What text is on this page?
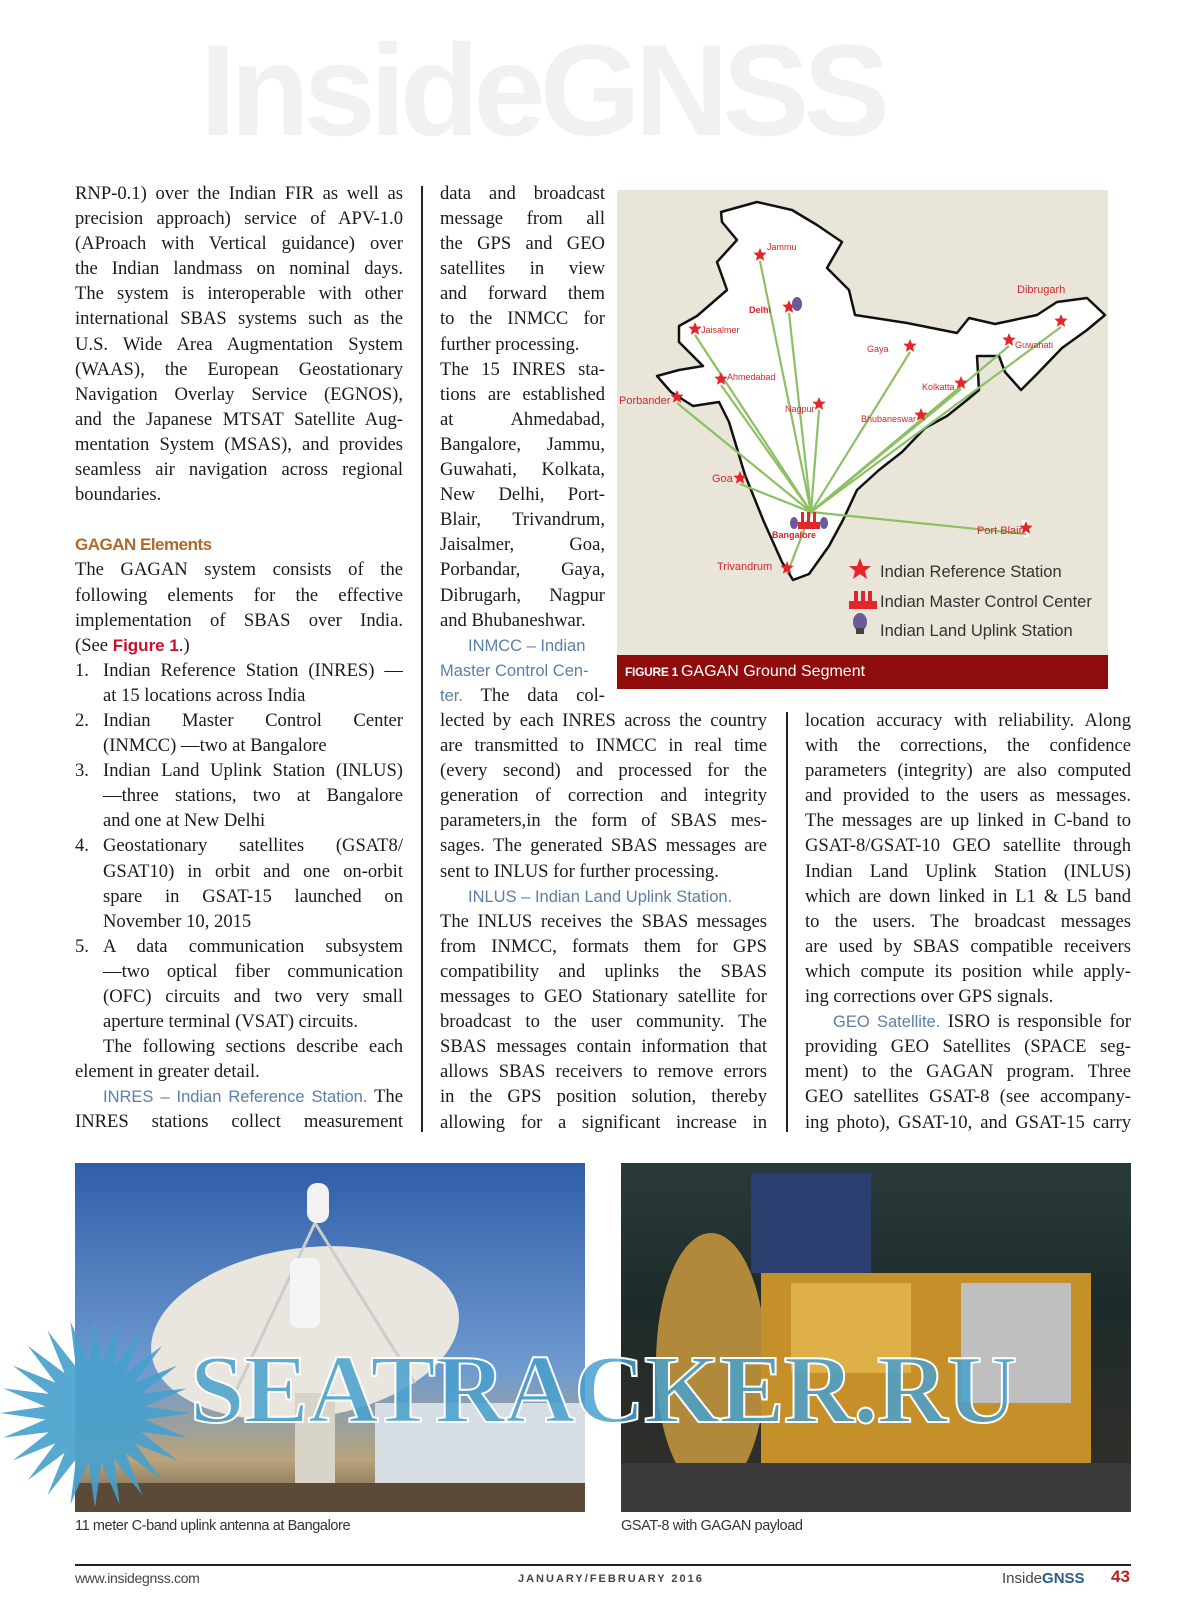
InsideGNSS
RNP-0.1) over the Indian FIR as well as
precision approach) service of APV-1.0
(AProach with Vertical guidance) over
the Indian landmass on nominal days.
The system is interoperable with other
international SBAS systems such as the
U.S. Wide Area Augmentation System
(WAAS), the European Geostationary
Navigation Overlay Service (EGNOS),
and the Japanese MTSAT Satellite Aug-
mentation System (MSAS), and provides
seamless air navigation across regional
boundaries.
GAGAN Elements
The GAGAN system consists of the
following elements for the effective
implementation of SBAS over India.
(See Figure 1.)
1. Indian Reference Station (INRES) —
at 15 locations across India
2. Indian Master Control Center
(INMCC) —two at Bangalore
3. Indian Land Uplink Station (INLUS)
—three stations, two at Bangalore
and one at New Delhi
4. Geostationary satellites (GSAT8/
GSAT10) in orbit and one on-orbit
spare in GSAT-15 launched on
November 10, 2015
5. A data communication subsystem
—two optical fiber communication
(OFC) circuits and two very small
aperture terminal (VSAT) circuits.
The following sections describe each
element in greater detail.
INRES – Indian Reference Station. The
INRES stations collect measurement
data and broadcast
message from all
the GPS and GEO
satellites in view
and forward them
to the INMCC for
further processing.
The 15 INRES sta-
tions are established
at Ahmedabad,
Bangalore, Jammu,
Guwahati, Kolkata,
New Delhi, Port-
Blair, Trivandrum,
Jaisalmer, Goa,
Porbandar, Gaya,
Dibrugarh, Nagpur
and Bhubaneshwar.
INMCC – Indian
Master Control Cen-
ter. The data col-
lected by each INRES across the country
are transmitted to INMCC in real time
(every second) and processed for the
generation of correction and integrity
parameters,in the form of SBAS mes-
sages. The generated SBAS messages are
sent to INLUS for further processing.
INLUS – Indian Land Uplink Station.
The INLUS receives the SBAS messages
from INMCC, formats them for GPS
compatibility and uplinks the SBAS
messages to GEO Stationary satellite for
broadcast to the user community. The
SBAS messages contain information that
allows SBAS receivers to remove errors
in the GPS position solution, thereby
allowing for a significant increase in
location accuracy with reliability. Along
with the corrections, the confidence
parameters (integrity) are also computed
and provided to the users as messages.
The messages are up linked in C-band to
GSAT-8/GSAT-10 GEO satellite through
Indian Land Uplink Station (INLUS)
which are down linked in L1 & L5 band
to the users. The broadcast messages
are used by SBAS compatible receivers
which compute its position while apply-
ing corrections over GPS signals.
GEO Satellite. ISRO is responsible for
providing GEO Satellites (SPACE seg-
ment) to the GAGAN program. Three
GEO satellites GSAT-8 (see accompany-
ing photo), GSAT-10, and GSAT-15 carry
Jammu
Delhi
Jaisalmer
Ahmedabad
Porbander
Nagpur
Gaya
Kolkatta
Bhubaneswar
Guwahati
Dibrugarh
Goa
Trivandrum
Port Blair
Bangalore
Indian Reference Station
Indian Master Control Center
Indian Land Uplink Station
FIGURE 1 GAGAN Ground Segment
SEATRACKER.RU
11 meter C-band uplink antenna at Bangalore	GSAT-8 with GAGAN payload
www.insidegnss.com	JANUARY/FEBRUARY 2016	InsideGNSS 43
